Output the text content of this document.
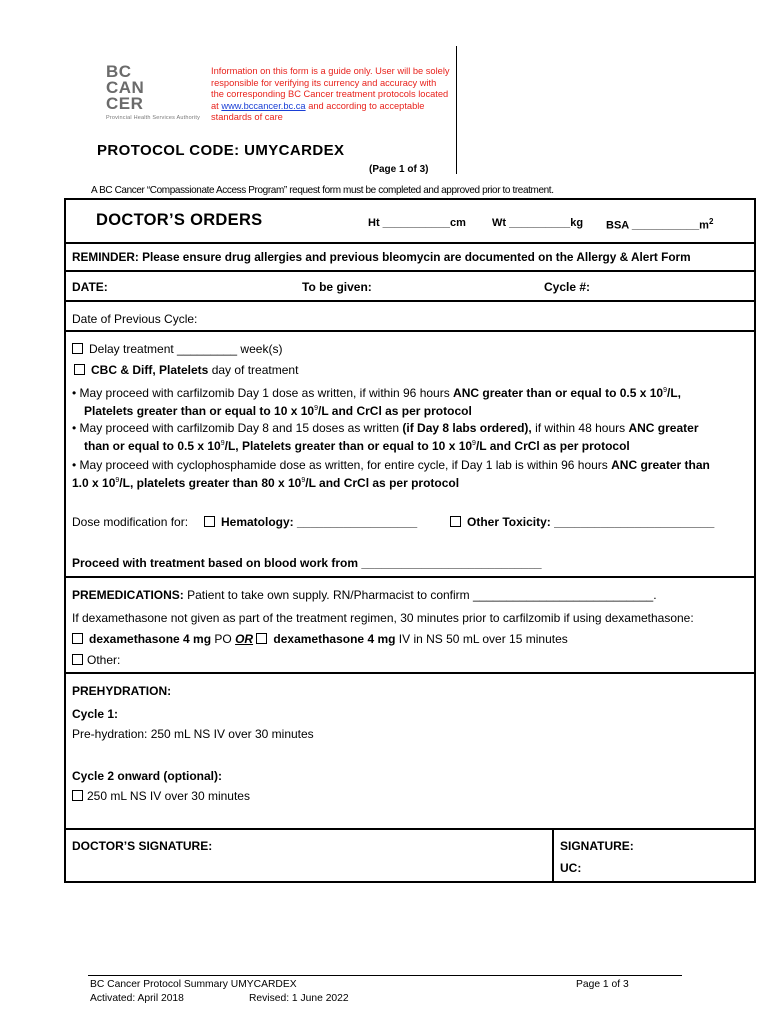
BC
CAN
CER
Provincial Health Services Authority
Information on this form is a guide only. User will be solely responsible for verifying its currency and accuracy with the corresponding BC Cancer treatment protocols located at www.bccancer.bc.ca and according to acceptable standards of care
PROTOCOL CODE: UMYCARDEX
(Page 1 of 3)
A BC Cancer “Compassionate Access Program” request form must be completed and approved prior to treatment.
DOCTOR’S ORDERS	Ht ___________cm Wt __________kg BSA $\_\_\_\_\_\_\_\_\_\_\_m^2$
REMINDER: Please ensure drug allergies and previous bleomycin are documented on the Allergy & Alert Form
DATE:	To be given:	Cycle #:
Date of Previous Cycle:
Delay treatment _________ week(s)
CBC & Diff, Platelets day of treatment
• May proceed with carfilzomib Day 1 dose as written, if within 96 hours ANC greater than or equal to 0.5 x $10^9/L$,
Platelets greater than or equal to 10 x $10^9/L$ and CrCl as per protocol
• May proceed with carfilzomib Day 8 and 15 doses as written (if Day 8 labs ordered), if within 48 hours ANC greater
than or equal to 0.5 x $10^9/L$, Platelets greater than or equal to 10 x $10^9/L$ and CrCl as per protocol
• May proceed with cyclophosphamide dose as written, for entire cycle, if Day 1 lab is within 96 hours ANC greater than
1.0 x $10^9/L$, platelets greater than 80 x $10^9/L$ and CrCl as per protocol
Dose modification for:	Hematology: __________________	Other Toxicity: ________________________
Proceed with treatment based on blood work from ___________________________
PREMEDICATIONS: Patient to take own supply. RN/Pharmacist to confirm ___________________________.
If dexamethasone not given as part of the treatment regimen, 30 minutes prior to carfilzomib if using dexamethasone:
dexamethasone 4 mg PO OR dexamethasone 4 mg IV in NS 50 mL over 15 minutes
Other:
PREHYDRATION:
Cycle 1:
Pre-hydration: 250 mL NS IV over 30 minutes
Cycle 2 onward (optional):
250 mL NS IV over 30 minutes
DOCTOR’S SIGNATURE:	SIGNATURE:
UC:
BC Cancer Protocol Summary UMYCARDEX
Activated: April 2018	Revised: 1 June 2022
Page 1 of 3
